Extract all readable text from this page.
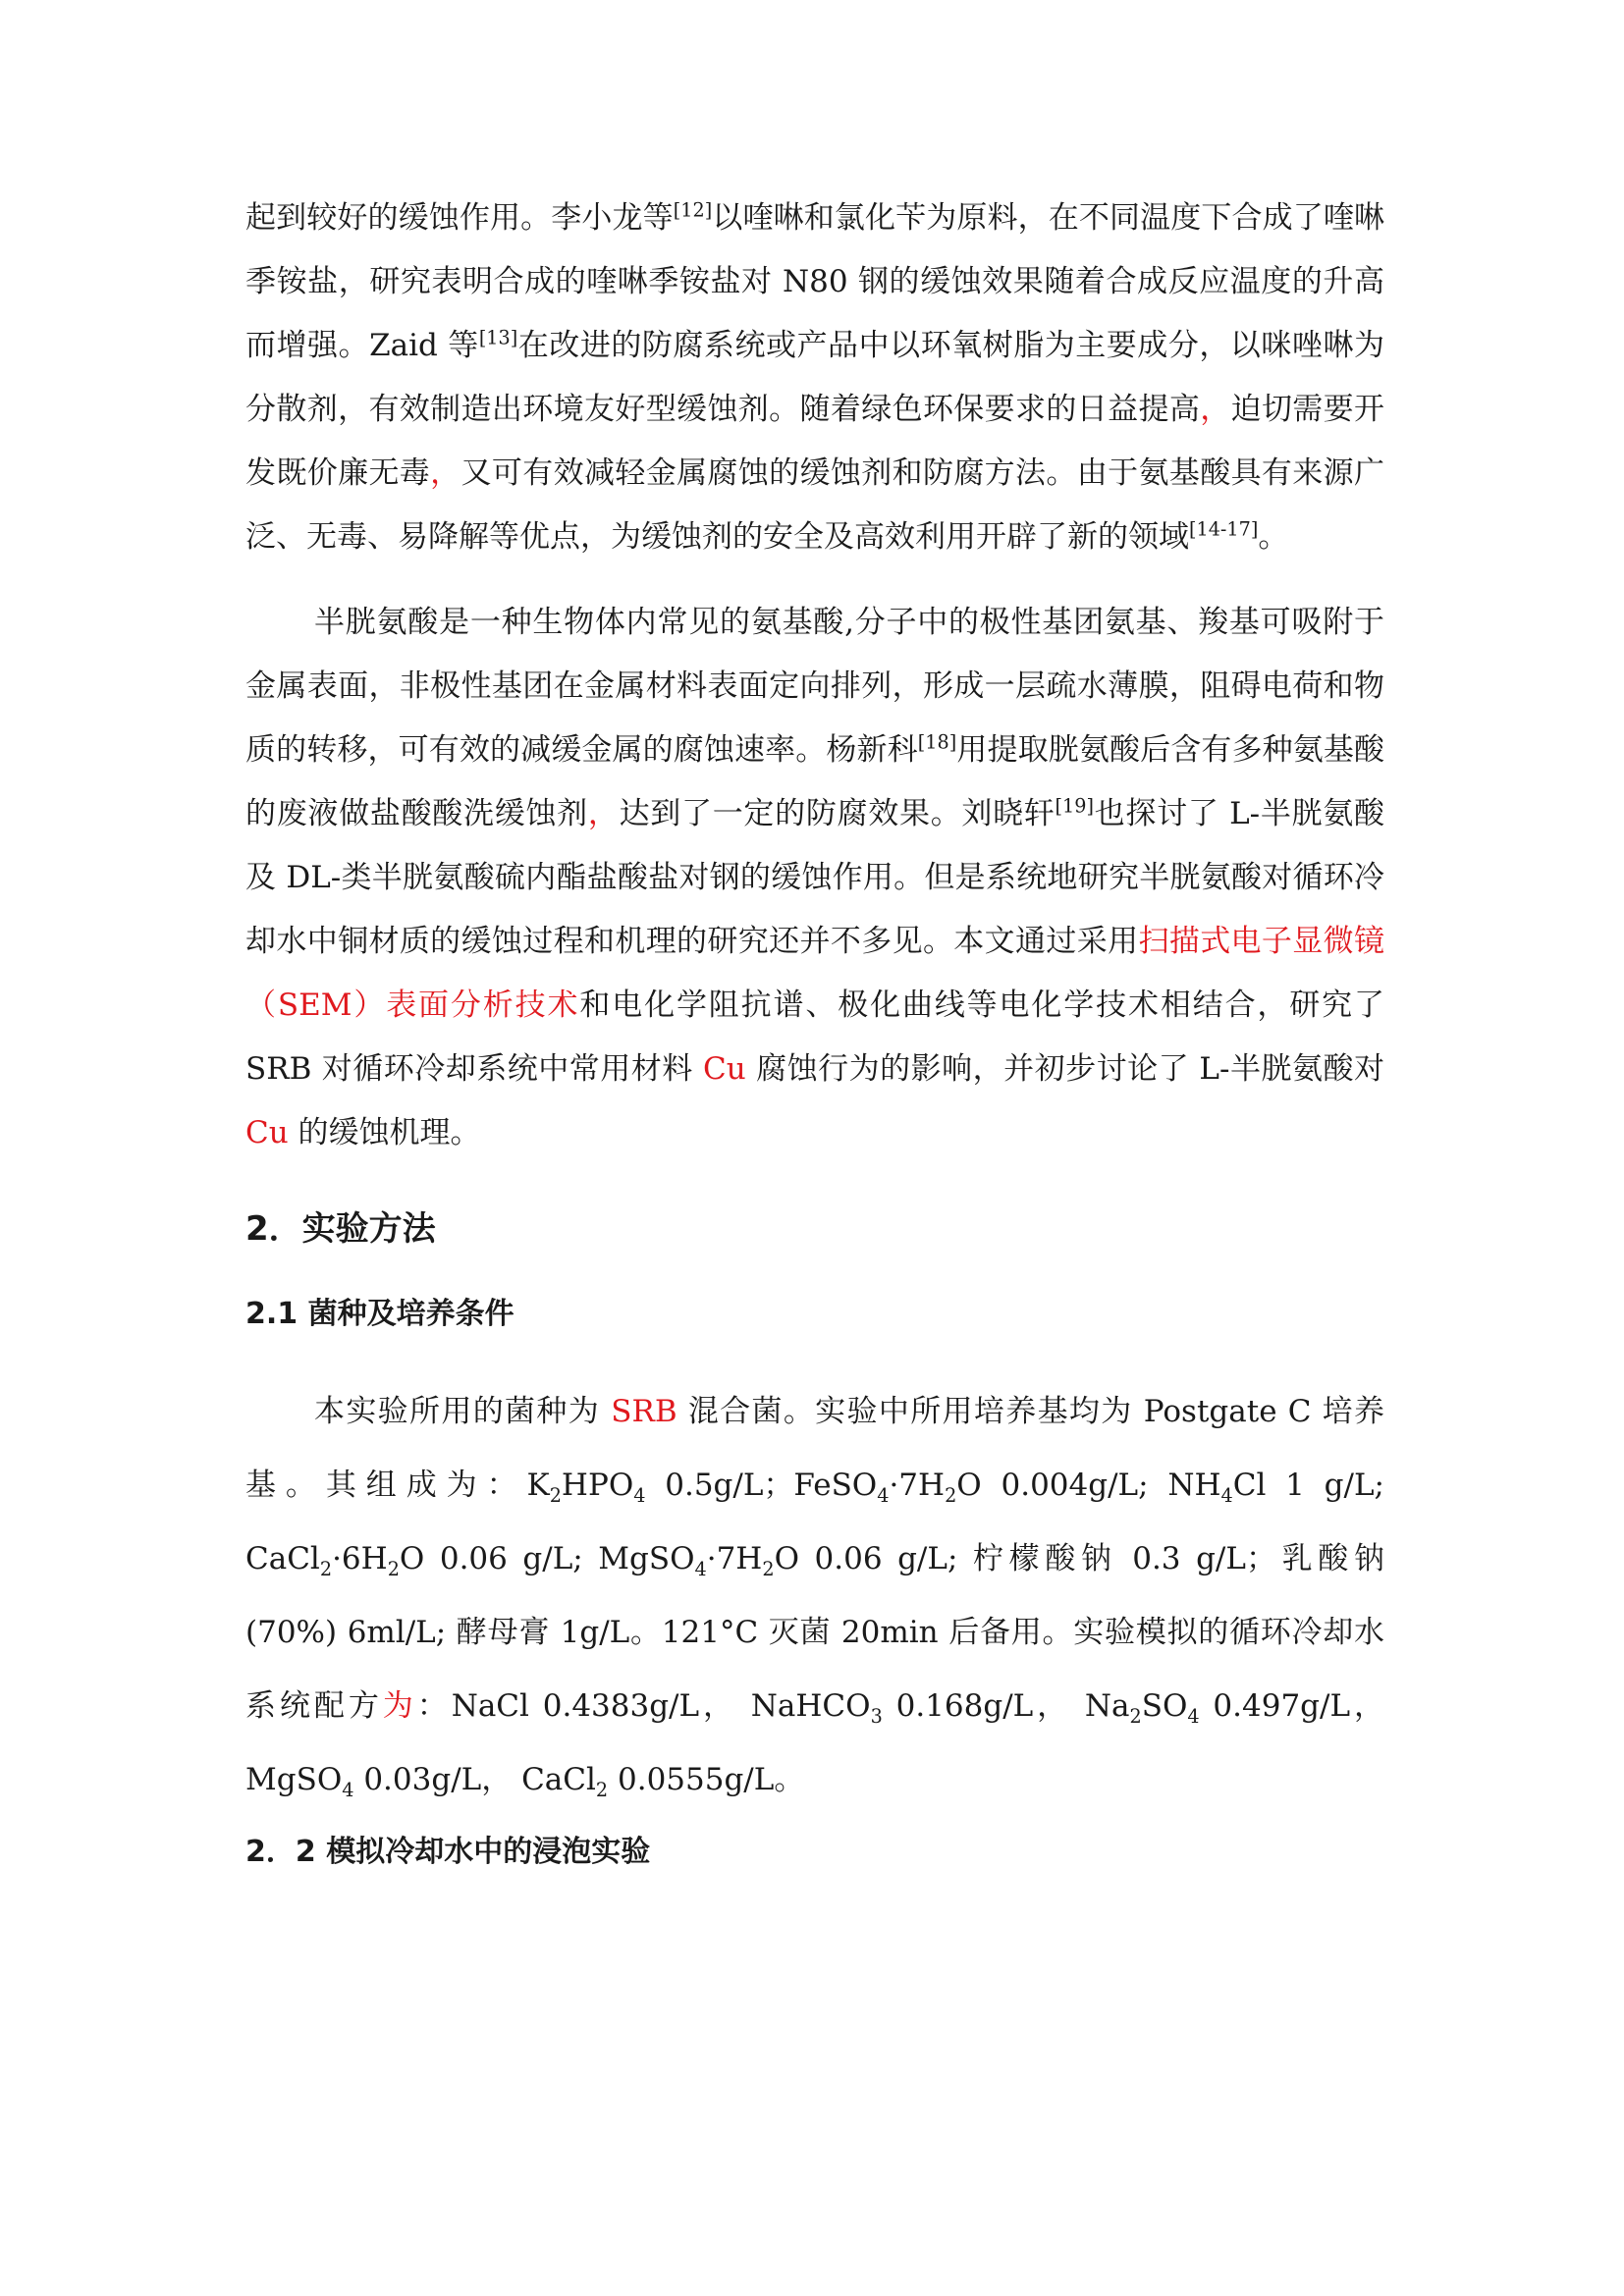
起到较好的缓蚀作用。李小龙等[12]以喹啉和氯化苄为原料，在不同温度下合成了喹啉季铵盐，研究表明合成的喹啉季铵盐对 N80 钢的缓蚀效果随着合成反应温度的升高而增强。Zaid 等[13]在改进的防腐系统或产品中以环氧树脂为主要成分，以咪唑啉为分散剂，有效制造出环境友好型缓蚀剂。随着绿色环保要求的日益提高，迫切需要开发既价廉无毒，又可有效减轻金属腐蚀的缓蚀剂和防腐方法。由于氨基酸具有来源广泛、无毒、易降解等优点，为缓蚀剂的安全及高效利用开辟了新的领域[14-17]。

半胱氨酸是一种生物体内常见的氨基酸,分子中的极性基团氨基、羧基可吸附于金属表面，非极性基团在金属材料表面定向排列，形成一层疏水薄膜，阻碍电荷和物质的转移，可有效的减缓金属的腐蚀速率。杨新科[18]用提取胱氨酸后含有多种氨基酸的废液做盐酸酸洗缓蚀剂，达到了一定的防腐效果。刘晓轩[19]也探讨了 L-半胱氨酸及 DL-类半胱氨酸硫内酯盐酸盐对钢的缓蚀作用。但是系统地研究半胱氨酸对循环冷却水中铜材质的缓蚀过程和机理的研究还并不多见。本文通过采用扫描式电子显微镜（SEM）表面分析技术和电化学阻抗谱、极化曲线等电化学技术相结合，研究了 SRB 对循环冷却系统中常用材料 Cu 腐蚀行为的影响，并初步讨论了 L-半胱氨酸对 Cu 的缓蚀机理。

2．实验方法
2.1 菌种及培养条件

本实验所用的菌种为 SRB 混合菌。实验中所用培养基均为 Postgate C 培养基。其组成为：$K_2HPO_4$ 0.5g/L；$FeSO_4\cdot 7H_2O$ 0.004g/L; $NH_4Cl$ 1 g/L; $CaCl_2\cdot 6H_2O$ 0.06 g/L; $MgSO_4\cdot 7H_2O$ 0.06 g/L; 柠檬酸钠 0.3 g/L；乳酸钠(70%) 6ml/L; 酵母膏 1g/L。121°C 灭菌 20min 后备用。实验模拟的循环冷却水系统配方为：NaCl 0.4383g/L， NaHCO$_3$ 0.168g/L， $Na_2SO_4$ 0.497g/L， MgSO$_4$ 0.03g/L， CaCl$_2$ 0.0555g/L。

2．2 模拟冷却水中的浸泡实验
